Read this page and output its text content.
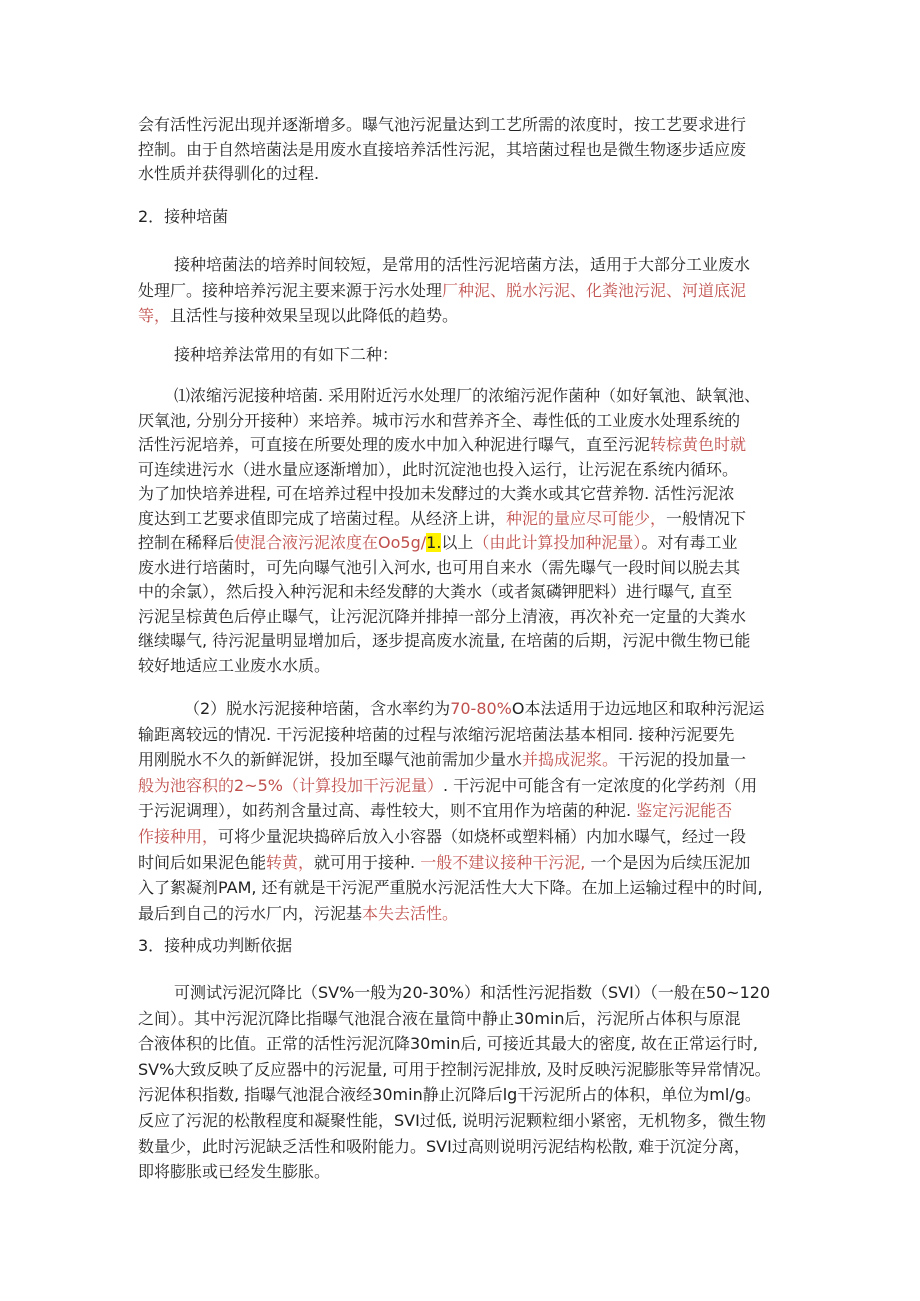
会有活性污泥出现并逐渐增多。曝气池污泥量达到工艺所需的浓度时，按工艺要求进行
控制。由于自然培菌法是用废水直接培养活性污泥，其培菌过程也是微生物逐步适应废
水性质并获得驯化的过程.
2．接种培菌
接种培菌法的培养时间较短，是常用的活性污泥培菌方法，适用于大部分工业废水
处理厂。接种培养污泥主要来源于污水处理厂种泥、脱水污泥、化粪池污泥、河道底泥
等，且活性与接种效果呈现以此降低的趋势。
接种培养法常用的有如下二种：
⑴浓缩污泥接种培菌. 采用附近污水处理厂的浓缩污泥作菌种（如好氧池、缺氧池、
厌氧池, 分别分开接种）来培养。城市污水和营养齐全、毒性低的工业废水处理系统的
活性污泥培养，可直接在所要处理的废水中加入种泥进行曝气，直至污泥转棕黄色时就
可连续进污水（进水量应逐渐增加），此时沉淀池也投入运行，让污泥在系统内循环。
为了加快培养进程, 可在培养过程中投加未发酵过的大粪水或其它营养物. 活性污泥浓
度达到工艺要求值即完成了培菌过程。从经济上讲，种泥的量应尽可能少，一般情况下
控制在稀释后使混合液污泥浓度在Oo5g∕1.以上（由此计算投加种泥量）。对有毒工业
废水进行培菌时，可先向曝气池引入河水, 也可用自来水（需先曝气一段时间以脱去其
中的余氯），然后投入种污泥和未经发酵的大粪水（或者氮磷钾肥料）进行曝气, 直至
污泥呈棕黄色后停止曝气，让污泥沉降并排掉一部分上清液，再次补充一定量的大粪水
继续曝气, 待污泥量明显增加后，逐步提高废水流量, 在培菌的后期，污泥中微生物已能
较好地适应工业废水水质。
（2）脱水污泥接种培菌，含水率约为70-80%O本法适用于边远地区和取种污泥运
输距离较远的情况. 干污泥接种培菌的过程与浓缩污泥培菌法基本相同. 接种污泥要先
用刚脱水不久的新鲜泥饼，投加至曝气池前需加少量水并捣成泥浆。干污泥的投加量一
般为池容积的2~5%（计算投加干污泥量）. 干污泥中可能含有一定浓度的化学药剂（用
于污泥调理），如药剂含量过高、毒性较大，则不宜用作为培菌的种泥. 鉴定污泥能否
作接种用，可将少量泥块捣碎后放入小容器（如烧杯或塑料桶）内加水曝气，经过一段
时间后如果泥色能转黄，就可用于接种. 一般不建议接种干污泥, 一个是因为后续压泥加
入了絮凝剂PAM, 还有就是干污泥严重脱水污泥活性大大下降。在加上运输过程中的时间,
最后到自己的污水厂内，污泥基本失去活性。
3．接种成功判断依据
可测试污泥沉降比（SV%一般为20-30%）和活性污泥指数（SVI）（一般在50~120
之间）。其中污泥沉降比指曝气池混合液在量筒中静止30min后，污泥所占体积与原混
合液体积的比值。正常的活性污泥沉降30min后, 可接近其最大的密度, 故在正常运行时,
SV%大致反映了反应器中的污泥量, 可用于控制污泥排放, 及时反映污泥膨胀等异常情况。
污泥体积指数, 指曝气池混合液经30min静止沉降后lg干污泥所占的体积，单位为ml/g。
反应了污泥的松散程度和凝聚性能，SVI过低, 说明污泥颗粒细小紧密，无机物多，微生物
数量少，此时污泥缺乏活性和吸附能力。SVI过高则说明污泥结构松散, 难于沉淀分离，
即将膨胀或已经发生膨胀。
